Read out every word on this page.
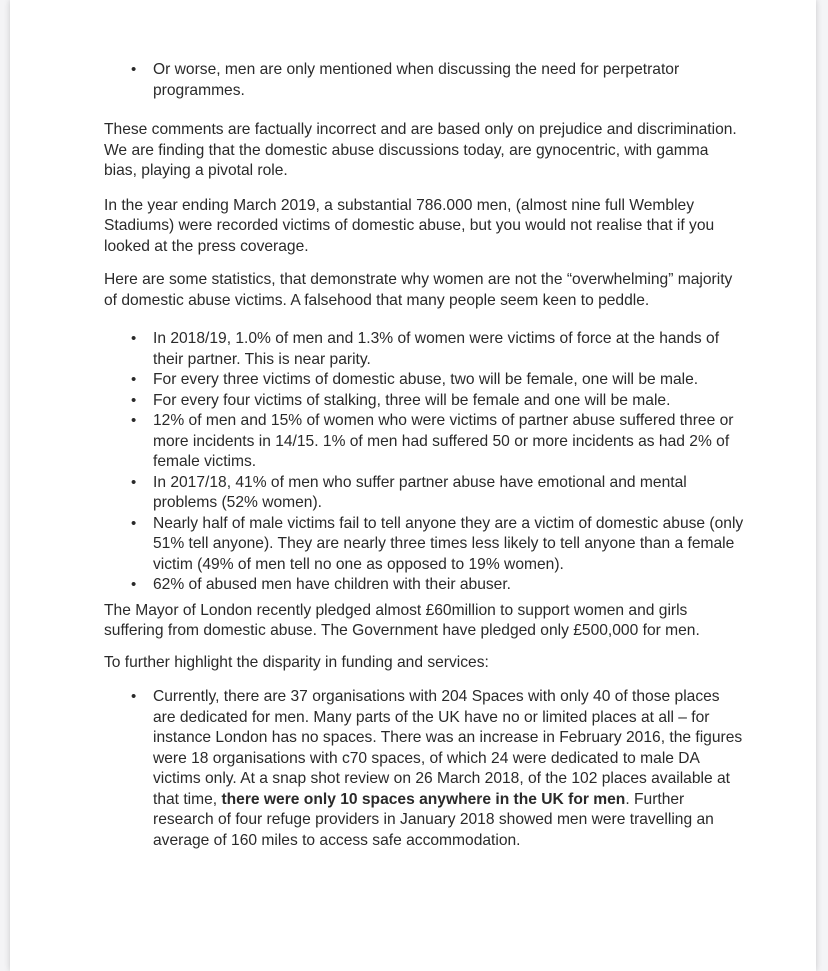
• Or worse, men are only mentioned when discussing the need for perpetrator programmes.

These comments are factually incorrect and are based only on prejudice and discrimination. We are finding that the domestic abuse discussions today, are gynocentric, with gamma bias, playing a pivotal role.

In the year ending March 2019, a substantial 786.000 men, (almost nine full Wembley Stadiums) were recorded victims of domestic abuse, but you would not realise that if you looked at the press coverage.

Here are some statistics, that demonstrate why women are not the “overwhelming” majority of domestic abuse victims. A falsehood that many people seem keen to peddle.

• In 2018/19, 1.0% of men and 1.3% of women were victims of force at the hands of their partner. This is near parity.
• For every three victims of domestic abuse, two will be female, one will be male.
• For every four victims of stalking, three will be female and one will be male.
• 12% of men and 15% of women who were victims of partner abuse suffered three or more incidents in 14/15. 1% of men had suffered 50 or more incidents as had 2% of female victims.
• In 2017/18, 41% of men who suffer partner abuse have emotional and mental problems (52% women).
• Nearly half of male victims fail to tell anyone they are a victim of domestic abuse (only 51% tell anyone). They are nearly three times less likely to tell anyone than a female victim (49% of men tell no one as opposed to 19% women).
• 62% of abused men have children with their abuser.

The Mayor of London recently pledged almost £60million to support women and girls suffering from domestic abuse. The Government have pledged only £500,000 for men.

To further highlight the disparity in funding and services:

• Currently, there are 37 organisations with 204 Spaces with only 40 of those places are dedicated for men. Many parts of the UK have no or limited places at all – for instance London has no spaces. There was an increase in February 2016, the figures were 18 organisations with c70 spaces, of which 24 were dedicated to male DA victims only. At a snap shot review on 26 March 2018, of the 102 places available at that time, there were only 10 spaces anywhere in the UK for men. Further research of four refuge providers in January 2018 showed men were travelling an average of 160 miles to access safe accommodation.
